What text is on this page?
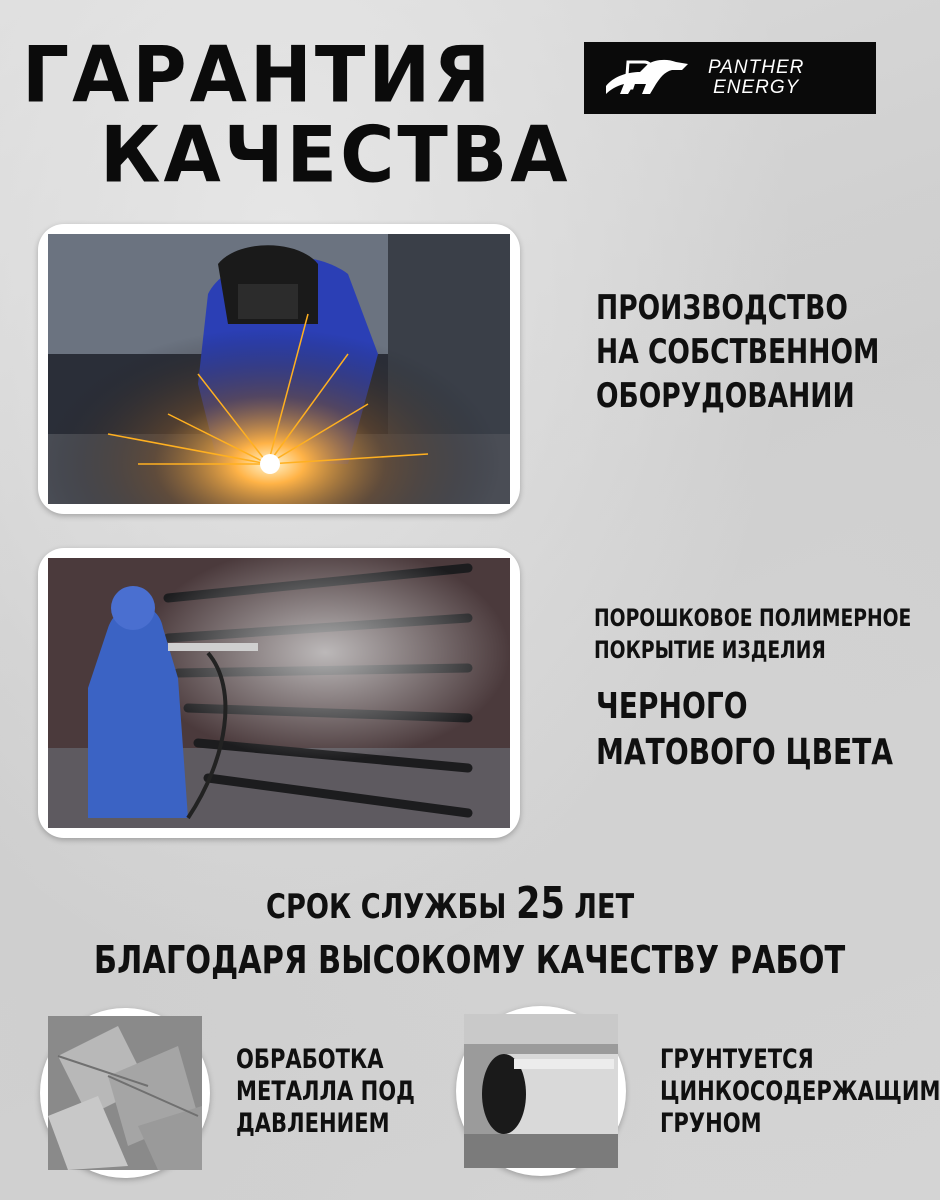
ГАРАНТИЯ
КАЧЕСТВА
PANTHER
ENERGY
ПРОИЗВОДСТВО
НА СОБСТВЕННОМ
ОБОРУДОВАНИИ
ПОРОШКОВОЕ ПОЛИМЕРНОЕ
ПОКРЫТИЕ ИЗДЕЛИЯ
ЧЕРНОГО
МАТОВОГО ЦВЕТА
СРОК СЛУЖБЫ 25 ЛЕТ
БЛАГОДАРЯ ВЫСОКОМУ КАЧЕСТВУ РАБОТ
ОБРАБОТКА
МЕТАЛЛА ПОД
ДАВЛЕНИЕМ
ГРУНТУЕТСЯ
ЦИНКОСОДЕРЖАЩИМ
ГРУНОМ
